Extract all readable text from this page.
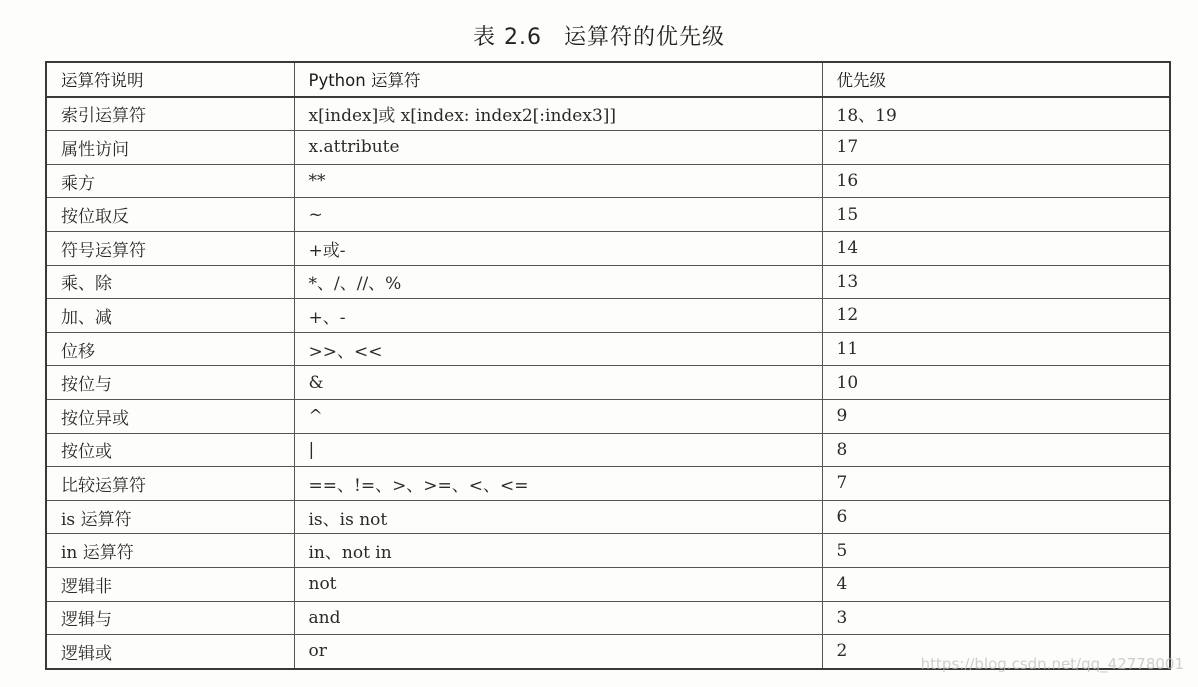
表 2.6 运算符的优先级
运算符说明	Python 运算符	优先级
索引运算符	x[index]或 x[index: index2[:index3]]	18、19
属性访问	x.attribute	17
乘方	**	16
按位取反	~	15
符号运算符	+或-	14
乘、除	*、/、//、%	13
加、减	+、-	12
位移	>>、<<	11
按位与	&	10
按位异或	^	9
按位或	|	8
比较运算符	==、!=、>、>=、<、<=	7
is 运算符	is、is not	6
in 运算符	in、not in	5
逻辑非	not	4
逻辑与	and	3
逻辑或	or	2
https://blog.csdn.net/qq_42778001
